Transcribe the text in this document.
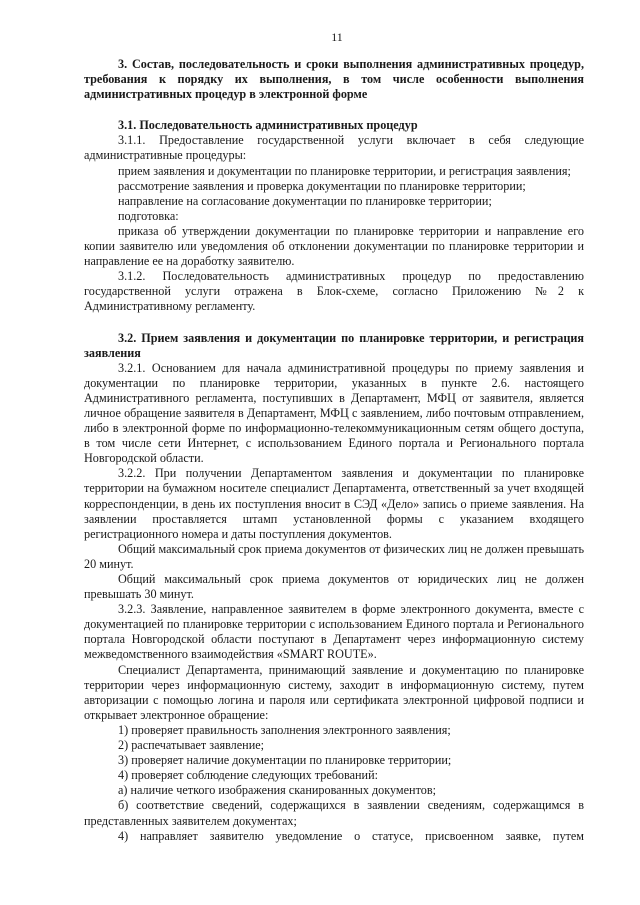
11

3. Состав, последовательность и сроки выполнения административных процедур, требования к порядку их выполнения, в том числе особенности выполнения административных процедур в электронной форме

3.1. Последовательность административных процедур

3.1.1. Предоставление государственной услуги включает в себя следующие административные процедуры:

прием заявления и документации по планировке территории, и регистрация заявления;

рассмотрение заявления и проверка документации по планировке территории;

направление на согласование документации по планировке территории;

подготовка:

приказа об утверждении документации по планировке территории и направление его копии заявителю или уведомления об отклонении документации по планировке территории и направление ее на доработку заявителю.

3.1.2. Последовательность административных процедур по предоставлению государственной услуги отражена в Блок-схеме, согласно Приложению №2 к Административному регламенту.

3.2. Прием заявления и документации по планировке территории, и регистрация заявления

3.2.1. Основанием для начала административной процедуры по приему заявления и документации по планировке территории, указанных в пункте 2.6. настоящего Административного регламента, поступивших в Департамент, МФЦ от заявителя, является личное обращение заявителя в Департамент, МФЦ с заявлением, либо почтовым отправлением, либо в электронной форме по информационно-телекоммуникационным сетям общего доступа, в том числе сети Интернет, с использованием Единого портала и Регионального портала Новгородской области.

3.2.2. При получении Департаментом заявления и документации по планировке территории на бумажном носителе специалист Департамента, ответственный за учет входящей корреспонденции, в день их поступления вносит в СЭД «Дело» запись о приеме заявления. На заявлении проставляется штамп установленной формы с указанием входящего регистрационного номера и даты поступления документов.

Общий максимальный срок приема документов от физических лиц не должен превышать 20 минут.

Общий максимальный срок приема документов от юридических лиц не должен превышать 30 минут.

3.2.3. Заявление, направленное заявителем в форме электронного документа, вместе с документацией по планировке территории с использованием Единого портала и Регионального портала Новгородской области поступают в Департамент через информационную систему межведомственного взаимодействия «SMART ROUTE».

Специалист Департамента, принимающий заявление и документацию по планировке территории через информационную систему, заходит в информационную систему, путем авторизации с помощью логина и пароля или сертификата электронной цифровой подписи и открывает электронное обращение:

1) проверяет правильность заполнения электронного заявления;

2) распечатывает заявление;

3) проверяет наличие документации по планировке территории;

4) проверяет соблюдение следующих требований:

а) наличие четкого изображения сканированных документов;

б) соответствие сведений, содержащихся в заявлении сведениям, содержащимся в представленных заявителем документах;

4) направляет заявителю уведомление о статусе, присвоенном заявке, путем
